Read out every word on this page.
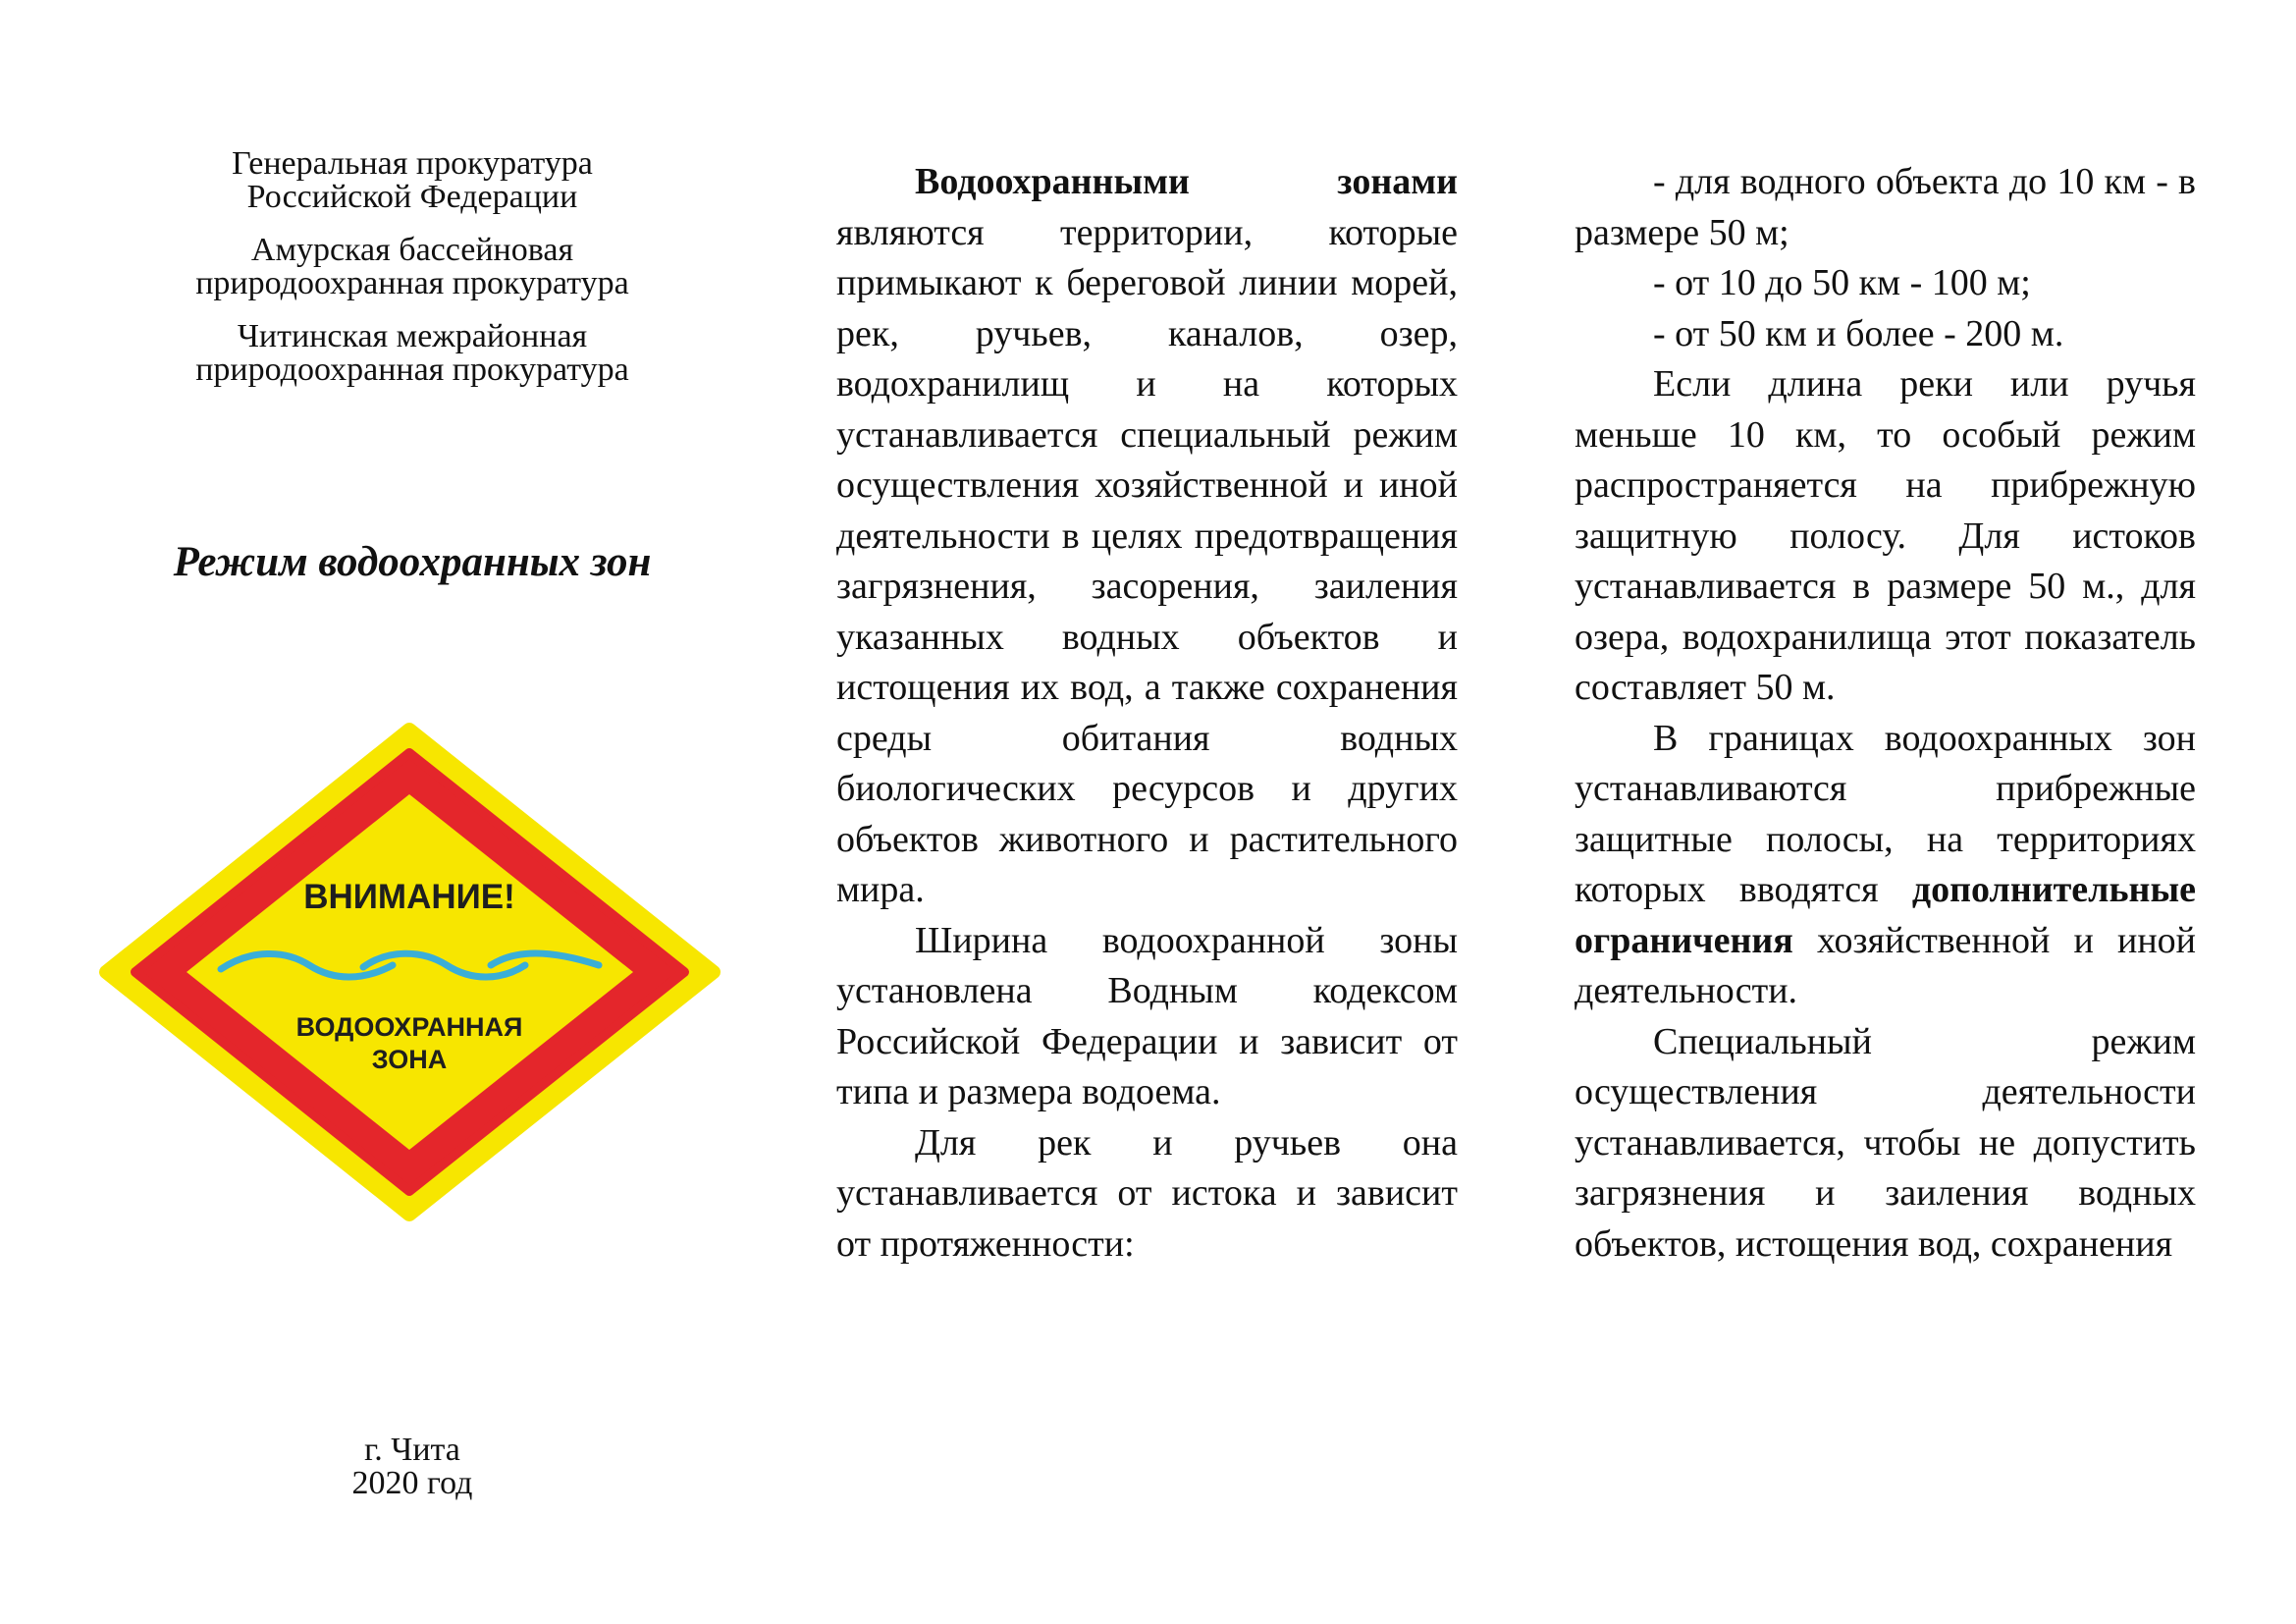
Генеральная прокуратура
Российской Федерации

Амурская бассейновая
природоохранная прокуратура

Читинская межрайонная
природоохранная прокуратура

Режим водоохранных зон
ВНИМАНИЕ!
ВОДООХРАННАЯ
ЗОНА
г. Чита
2020 год

Водоохранными зонами являются территории, которые примыкают к береговой линии морей, рек, ручьев, каналов, озер, водохранилищ и на которых устанавливается специальный режим осуществления хозяйственной и иной деятельности в целях предотвращения загрязнения, засорения, заиления указанных водных объектов и истощения их вод, а также сохранения среды обитания водных биологических ресурсов и других объектов животного и растительного мира.

Ширина водоохранной зоны установлена Водным кодексом Российской Федерации и зависит от типа и размера водоема.

Для рек и ручьев она устанавливается от истока и зависит от протяженности:

- для водного объекта до 10 км - в размере 50 м;

- от 10 до 50 км - 100 м;

- от 50 км и более - 200 м.

Если длина реки или ручья меньше 10 км, то особый режим распространяется на прибрежную защитную полосу. Для истоков устанавливается в размере 50 м., для озера, водохранилища этот показатель составляет 50 м.

В границах водоохранных зон устанавливаются прибрежные защитные полосы, на территориях которых вводятся дополнительные ограничения хозяйственной и иной деятельности.

Специальный режим осуществления деятельности устанавливается, чтобы не допустить загрязнения и заиления водных объектов, истощения вод, сохранения
